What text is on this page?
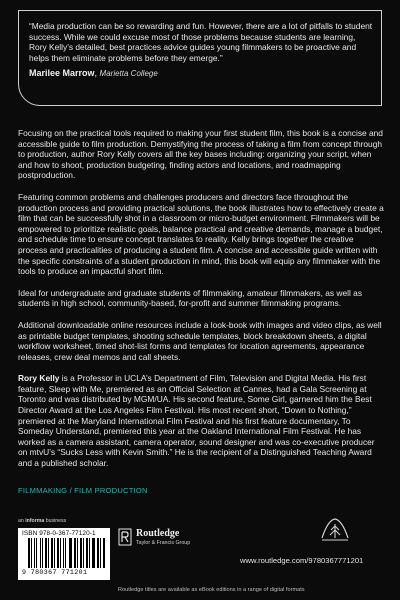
“Media production can be so rewarding and fun. However, there are a lot of pitfalls to student success. While we could excuse most of those problems because students are learning, Rory Kelly’s detailed, best practices advice guides young filmmakers to be proactive and helps them eliminate problems before they emerge.”

Marilee Marrow, Marietta College

Focusing on the practical tools required to making your first student film, this book is a concise and accessible guide to film production. Demystifying the process of taking a film from concept through to production, author Rory Kelly covers all the key bases including: organizing your script, when and how to shoot, production budgeting, finding actors and locations, and roadmapping postproduction.

Featuring common problems and challenges producers and directors face throughout the production process and providing practical solutions, the book illustrates how to effectively create a film that can be successfully shot in a classroom or micro-budget environment. Filmmakers will be empowered to prioritize realistic goals, balance practical and creative demands, manage a budget, and schedule time to ensure concept translates to reality. Kelly brings together the creative process and practicalities of producing a student film. A concise and accessible guide written with the specific constraints of a student production in mind, this book will equip any filmmaker with the tools to produce an impactful short film.

Ideal for undergraduate and graduate students of filmmaking, amateur filmmakers, as well as students in high school, community-based, for-profit and summer filmmaking programs.

Additional downloadable online resources include a look-book with images and video clips, as well as printable budget templates, shooting schedule templates, block breakdown sheets, a digital workflow worksheet, timed shot-list forms and templates for location agreements, appearance releases, crew deal memos and call sheets.

Rory Kelly is a Professor in UCLA’s Department of Film, Television and Digital Media. His first feature, Sleep with Me, premiered as an Official Selection at Cannes, had a Gala Screening at Toronto and was distributed by MGM/UA. His second feature, Some Girl, garnered him the Best Director Award at the Los Angeles Film Festival. His most recent short, “Down to Nothing,” premiered at the Maryland International Film Festival and his first feature documentary, To Someday Understand, premiered this year at the Oakland International Film Festival. He has worked as a camera assistant, camera operator, sound designer and was co-executive producer on mtvU’s “Sucks Less with Kevin Smith.” He is the recipient of a Distinguished Teaching Award and a published scholar.

FILMMAKING / FILM PRODUCTION
an informa business
ISBN 978-0-367-77120-1
9 780367 771201
Routledge
Taylor & Francis Group
www.routledge.com/9780367771201
Routledge titles are available as eBook editions in a range of digital formats
